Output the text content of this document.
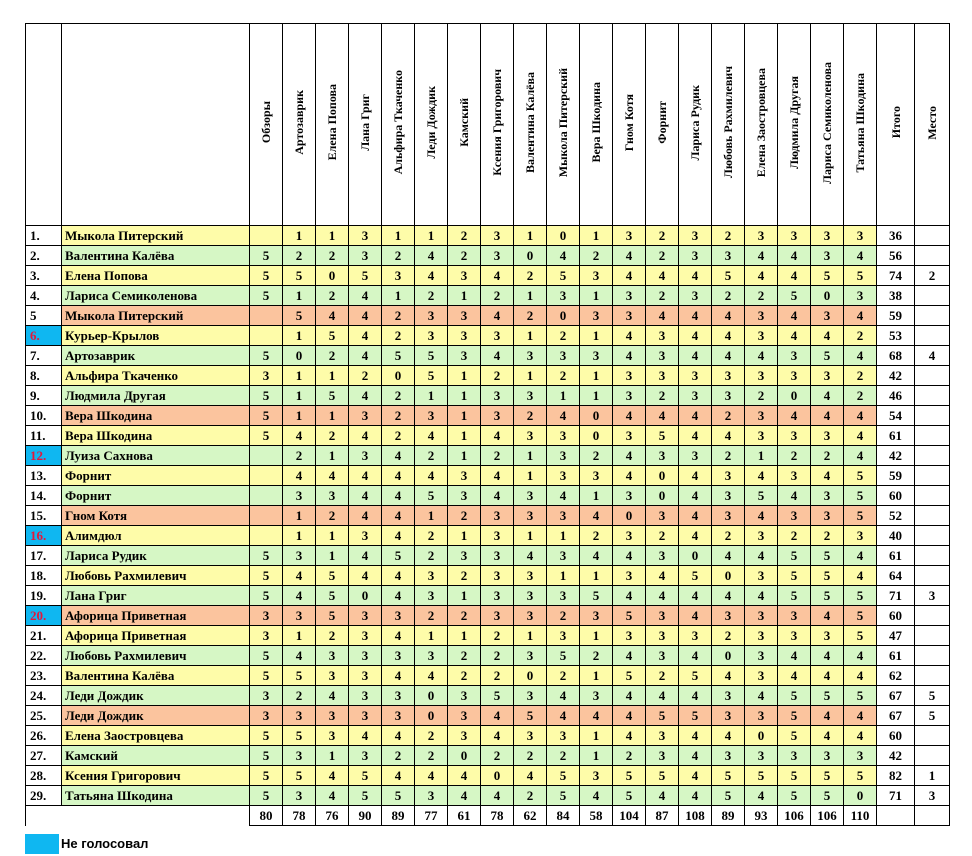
		Обзоры	Артозаврик	Елена Попова	Лана Григ	Альфира Ткаченко	Леди Дождик	Камский	Ксения Григорович	Валентина Калёва	Мыкола Питерский	Вера Шкодина	Гном Котя	Форнит	Лариса Рудик	Любовь Рахмилевич	Елена Заостровцева	Людмила Другая	Лариса Семиколенова	Татьяна Шкодина	Итого	Место
1.	Мыкола Питерский		1	1	3	1	1	2	3	1	0	1	3	2	3	2	3	3	3	3	36	
2.	Валентина Калёва	5	2	2	3	2	4	2	3	0	4	2	4	2	3	3	4	4	3	4	56	
3.	Елена Попова	5	5	0	5	3	4	3	4	2	5	3	4	4	4	5	4	4	5	5	74	2
4.	Лариса Семиколенова	5	1	2	4	1	2	1	2	1	3	1	3	2	3	2	2	5	0	3	38	
5	Мыкола Питерский		5	4	4	2	3	3	4	2	0	3	3	4	4	4	3	4	3	4	59	
6.	Курьер-Крылов		1	5	4	2	3	3	3	1	2	1	4	3	4	4	3	4	4	2	53	
7.	Артозаврик	5	0	2	4	5	5	3	4	3	3	3	4	3	4	4	4	3	5	4	68	4
8.	Альфира Ткаченко	3	1	1	2	0	5	1	2	1	2	1	3	3	3	3	3	3	3	2	42	
9.	Людмила Другая	5	1	5	4	2	1	1	3	3	1	1	3	2	3	3	2	0	4	2	46	
10.	Вера Шкодина	5	1	1	3	2	3	1	3	2	4	0	4	4	4	2	3	4	4	4	54	
11.	Вера Шкодина	5	4	2	4	2	4	1	4	3	3	0	3	5	4	4	3	3	3	4	61	
12.	Луиза Сахнова		2	1	3	4	2	1	2	1	3	2	4	3	3	2	1	2	2	4	42	
13.	Форнит		4	4	4	4	4	3	4	1	3	3	4	0	4	3	4	3	4	5	59	
14.	Форнит		3	3	4	4	5	3	4	3	4	1	3	0	4	3	5	4	3	5	60	
15.	Гном Котя		1	2	4	4	1	2	3	3	3	4	0	3	4	3	4	3	3	5	52	
16.	Алимдюл		1	1	3	4	2	1	3	1	1	2	3	2	4	2	3	2	2	3	40	
17.	Лариса Рудик	5	3	1	4	5	2	3	3	4	3	4	4	3	0	4	4	5	5	4	61	
18.	Любовь Рахмилевич	5	4	5	4	4	3	2	3	3	1	1	3	4	5	0	3	5	5	4	64	
19.	Лана Григ	5	4	5	0	4	3	1	3	3	3	5	4	4	4	4	4	5	5	5	71	3
20.	Афорица Приветная	3	3	5	3	3	2	2	3	3	2	3	5	3	4	3	3	3	4	5	60	
21.	Афорица Приветная	3	1	2	3	4	1	1	2	1	3	1	3	3	3	2	3	3	3	5	47	
22.	Любовь Рахмилевич	5	4	3	3	3	3	2	2	3	5	2	4	3	4	0	3	4	4	4	61	
23.	Валентина Калёва	5	5	3	3	4	4	2	2	0	2	1	5	2	5	4	3	4	4	4	62	
24.	Леди Дождик	3	2	4	3	3	0	3	5	3	4	3	4	4	4	3	4	5	5	5	67	5
25.	Леди Дождик	3	3	3	3	3	0	3	4	5	4	4	4	5	5	3	3	5	4	4	67	5
26.	Елена Заостровцева	5	5	3	4	4	2	3	4	3	3	1	4	3	4	4	0	5	4	4	60	
27.	Камский	5	3	1	3	2	2	0	2	2	2	1	2	3	4	3	3	3	3	3	42	
28.	Ксения Григорович	5	5	4	5	4	4	4	0	4	5	3	5	5	4	5	5	5	5	5	82	1
29.	Татьяна Шкодина	5	3	4	5	5	3	4	4	2	5	4	5	4	4	5	4	5	5	0	71	3
		80	78	76	90	89	77	61	78	62	84	58	104	87	108	89	93	106	106	110		
Не голосовал
